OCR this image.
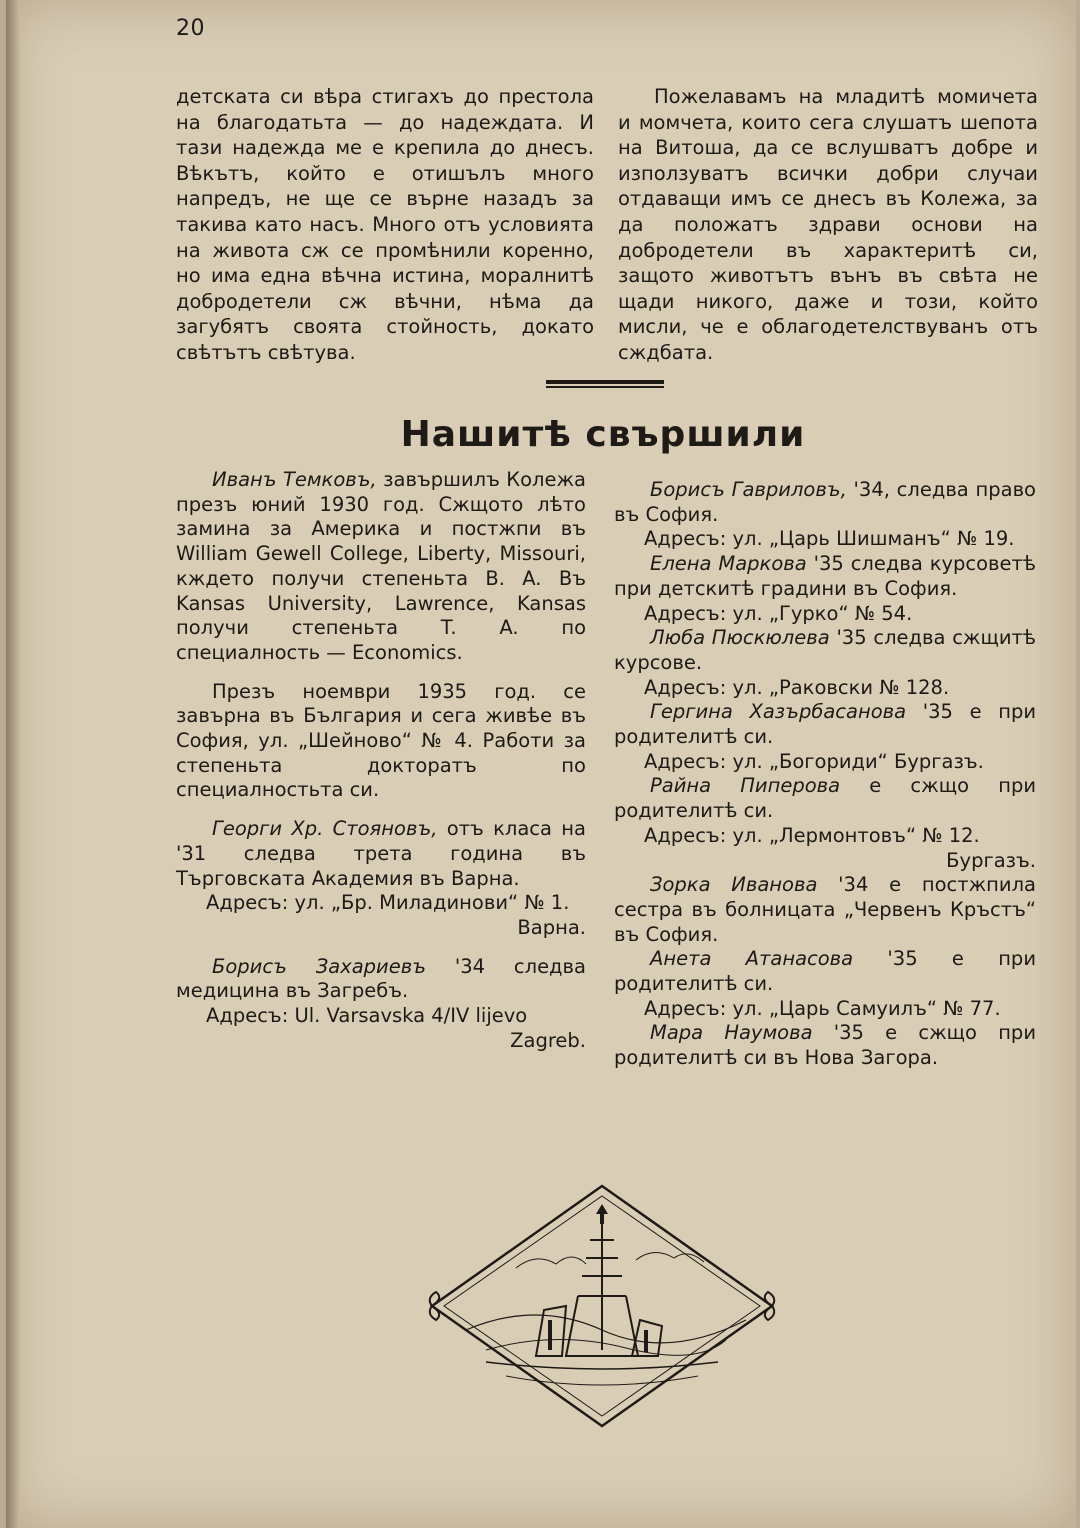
20

детската си вѣра стигахъ до престола на благодатьта — до надеждата. И тази надежда ме е крепила до днесъ. Вѣкътъ, който е отишълъ много напредъ, не ще се върне назадъ за такива като насъ. Много отъ условията на живота сж се промѣнили коренно, но има една вѣчна истина, моралнитѣ добродетели сж вѣчни, нѣма да загубятъ своята стойность, докато свѣтътъ свѣтува.

Пожелавамъ на младитѣ момичета и момчета, които сега слушатъ шепота на Витоша, да се вслушватъ добре и използуватъ всички добри случаи отдаващи имъ се днесъ въ Колежа, за да положатъ здрави основи на добродетели въ характеритѣ си, защото животътъ вънъ въ свѣта не щади никого, даже и този, който мисли, че е облагодетелствуванъ отъ сждбата.

Нашитѣ свършили

Иванъ Темковъ, завършилъ Колежа презъ юний 1930 год. Сжщото лѣто замина за Америка и постжпи въ William Gewell College, Liberty, Missouri, кждето получи степеньта B. A. Въ Kansas University, Lawrence, Kansas получи степеньта T. A. по специалность — Economics.

Презъ ноември 1935 год. се завърна въ България и сега живѣе въ София, ул. „Шейново“ № 4. Работи за степеньта докторатъ по специалностьта си.

Георги Хр. Стояновъ, отъ класа на '31 следва трета година въ Търговската Академия въ Варна.

Адресъ: ул. „Бр. Миладинови“ № 1.

Варна.

Борисъ Захариевъ '34 следва медицина въ Загребъ.

Адресъ: Ul. Varsavska 4/IV lijevo

Zagreb.

Борисъ Гавриловъ, '34, следва право въ София.

Адресъ: ул. „Царь Шишманъ“ № 19.

Елена Маркова '35 следва курсоветѣ при детскитѣ градини въ София.

Адресъ: ул. „Гурко“ № 54.

Люба Пюскюлева '35 следва сжщитѣ курсове.

Адресъ: ул. „Раковски № 128.

Гергина Хазърбасанова '35 е при родителитѣ си.

Адресъ: ул. „Богориди“ Бургазъ.

Райна Пиперова е сжщо при родителитѣ си.

Адресъ: ул. „Лермонтовъ“ № 12.

Бургазъ.

Зорка Иванова '34 е постжпила сестра въ болницата „Червенъ Кръстъ“ въ София.

Анета Атанасова '35 е при родителитѣ си.

Адресъ: ул. „Царь Самуилъ“ № 77.

Мара Наумова '35 е сжщо при родителитѣ си въ Нова Загора.
